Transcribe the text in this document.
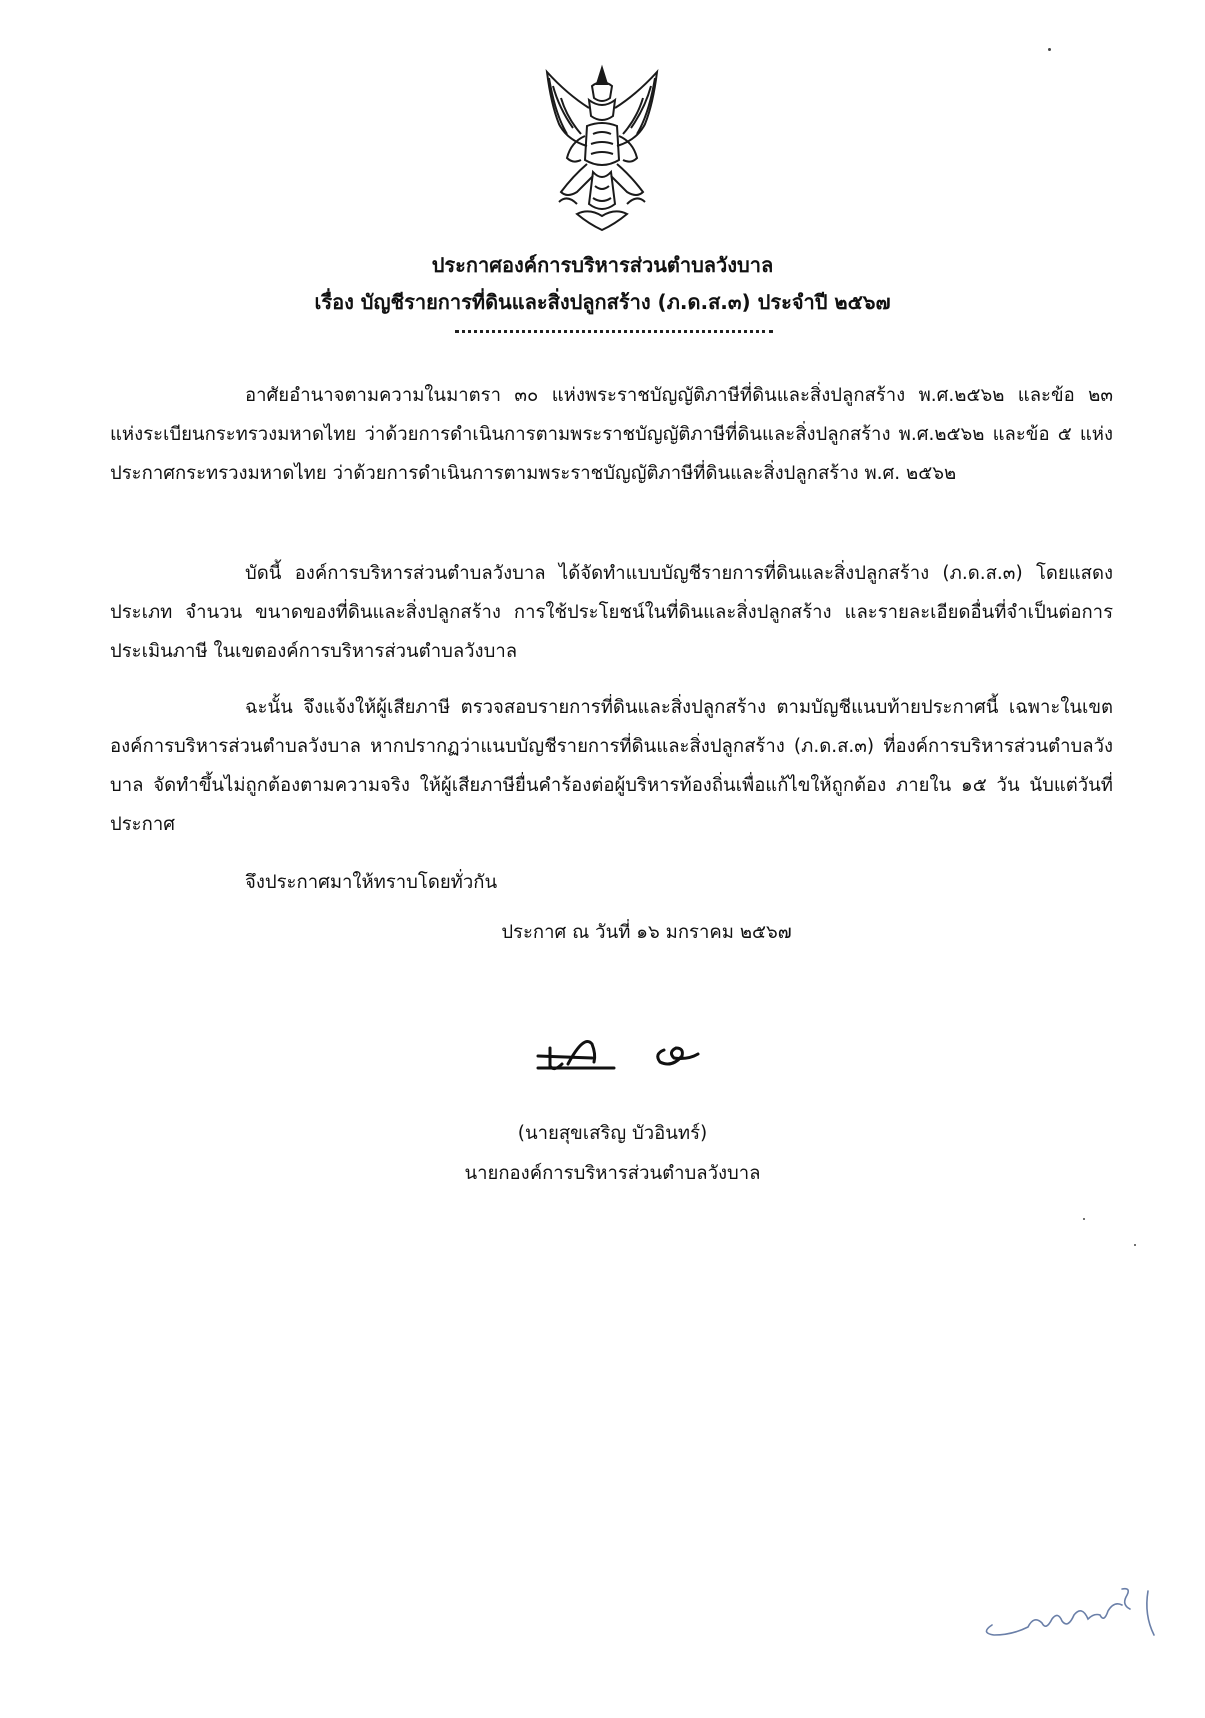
ประกาศองค์การบริหารส่วนตำบลวังบาล
เรื่อง บัญชีรายการที่ดินและสิ่งปลูกสร้าง (ภ.ด.ส.๓) ประจำปี ๒๕๖๗

อาศัยอำนาจตามความในมาตรา ๓๐ แห่งพระราชบัญญัติภาษีที่ดินและสิ่งปลูกสร้าง พ.ศ.๒๕๖๒ และข้อ ๒๓ แห่งระเบียนกระทรวงมหาดไทย ว่าด้วยการดำเนินการตามพระราชบัญญัติภาษีที่ดินและสิ่งปลูกสร้าง พ.ศ.๒๕๖๒ และข้อ ๕ แห่งประกาศกระทรวงมหาดไทย ว่าด้วยการดำเนินการตามพระราชบัญญัติภาษีที่ดินและสิ่งปลูกสร้าง พ.ศ. ๒๕๖๒

บัดนี้ องค์การบริหารส่วนตำบลวังบาล ได้จัดทำแบบบัญชีรายการที่ดินและสิ่งปลูกสร้าง (ภ.ด.ส.๓) โดยแสดงประเภท จำนวน ขนาดของที่ดินและสิ่งปลูกสร้าง การใช้ประโยชน์ในที่ดินและสิ่งปลูกสร้าง และรายละเอียดอื่นที่จำเป็นต่อการประเมินภาษี ในเขตองค์การบริหารส่วนตำบลวังบาล

ฉะนั้น จึงแจ้งให้ผู้เสียภาษี ตรวจสอบรายการที่ดินและสิ่งปลูกสร้าง ตามบัญชีแนบท้ายประกาศนี้ เฉพาะในเขตองค์การบริหารส่วนตำบลวังบาล หากปรากฏว่าแนบบัญชีรายการที่ดินและสิ่งปลูกสร้าง (ภ.ด.ส.๓) ที่องค์การบริหารส่วนตำบลวังบาล จัดทำขึ้นไม่ถูกต้องตามความจริง ให้ผู้เสียภาษียื่นคำร้องต่อผู้บริหารท้องถิ่นเพื่อแก้ไขให้ถูกต้อง ภายใน ๑๕ วัน นับแต่วันที่ประกาศ

จึงประกาศมาให้ทราบโดยทั่วกัน

ประกาศ ณ วันที่ ๑๖ มกราคม ๒๕๖๗
(นายสุขเสริญ บัวอินทร์)
นายกองค์การบริหารส่วนตำบลวังบาล
